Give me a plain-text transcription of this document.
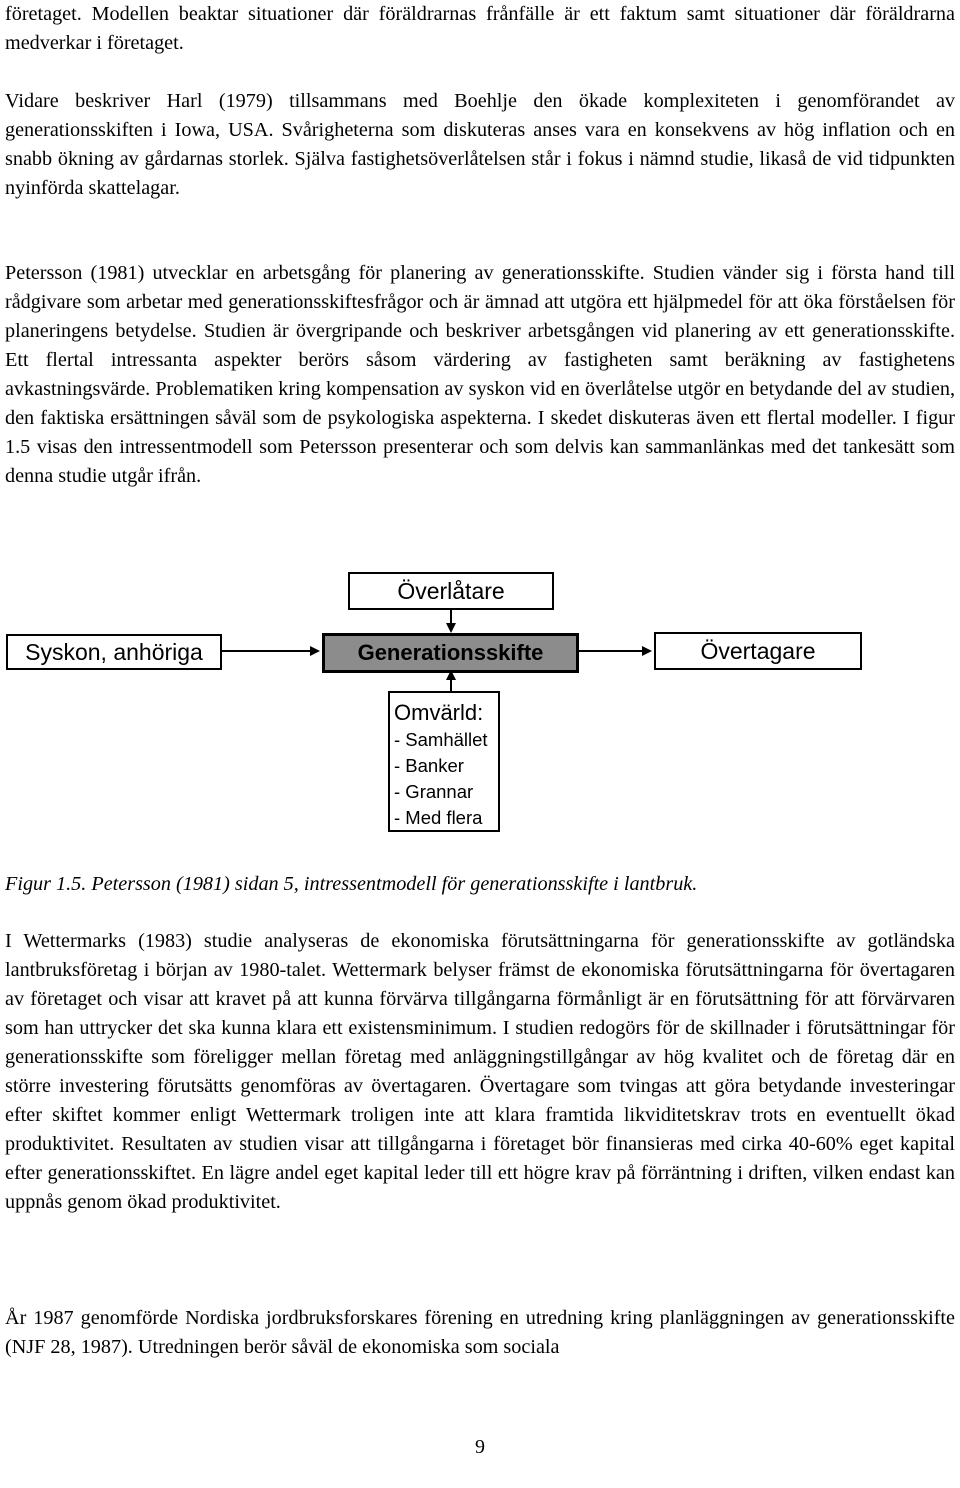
företaget. Modellen beaktar situationer där föräldrarnas frånfälle är ett faktum samt situationer där föräldrarna medverkar i företaget.

Vidare beskriver Harl (1979) tillsammans med Boehlje den ökade komplexiteten i genomförandet av generationsskiften i Iowa, USA. Svårigheterna som diskuteras anses vara en konsekvens av hög inflation och en snabb ökning av gårdarnas storlek. Själva fastighetsöverlåtelsen står i fokus i nämnd studie, likaså de vid tidpunkten nyinförda skattelagar.

Petersson (1981) utvecklar en arbetsgång för planering av generationsskifte. Studien vänder sig i första hand till rådgivare som arbetar med generationsskiftesfrågor och är ämnad att utgöra ett hjälpmedel för att öka förståelsen för planeringens betydelse. Studien är övergripande och beskriver arbetsgången vid planering av ett generationsskifte. Ett flertal intressanta aspekter berörs såsom värdering av fastigheten samt beräkning av fastighetens avkastningsvärde. Problematiken kring kompensation av syskon vid en överlåtelse utgör en betydande del av studien, den faktiska ersättningen såväl som de psykologiska aspekterna. I skedet diskuteras även ett flertal modeller. I figur 1.5 visas den intressentmodell som Petersson presenterar och som delvis kan sammanlänkas med det tankesätt som denna studie utgår ifrån.

Överlåtare
Syskon, anhöriga	Generationsskifte	Övertagare
Omvärld:
- Samhället
- Banker
- Grannar
- Med flera

Figur 1.5. Petersson (1981) sidan 5, intressentmodell för generationsskifte i lantbruk.

I Wettermarks (1983) studie analyseras de ekonomiska förutsättningarna för generationsskifte av gotländska lantbruksföretag i början av 1980-talet. Wettermark belyser främst de ekonomiska förutsättningarna för övertagaren av företaget och visar att kravet på att kunna förvärva tillgångarna förmånligt är en förutsättning för att förvärvaren som han uttrycker det ska kunna klara ett existensminimum. I studien redogörs för de skillnader i förutsättningar för generationsskifte som föreligger mellan företag med anläggningstillgångar av hög kvalitet och de företag där en större investering förutsätts genomföras av övertagaren. Övertagare som tvingas att göra betydande investeringar efter skiftet kommer enligt Wettermark troligen inte att klara framtida likviditetskrav trots en eventuellt ökad produktivitet. Resultaten av studien visar att tillgångarna i företaget bör finansieras med cirka 40-60% eget kapital efter generationsskiftet. En lägre andel eget kapital leder till ett högre krav på förräntning i driften, vilken endast kan uppnås genom ökad produktivitet.

År 1987 genomförde Nordiska jordbruksforskares förening en utredning kring planläggningen av generationsskifte (NJF 28, 1987). Utredningen berör såväl de ekonomiska som sociala

9
